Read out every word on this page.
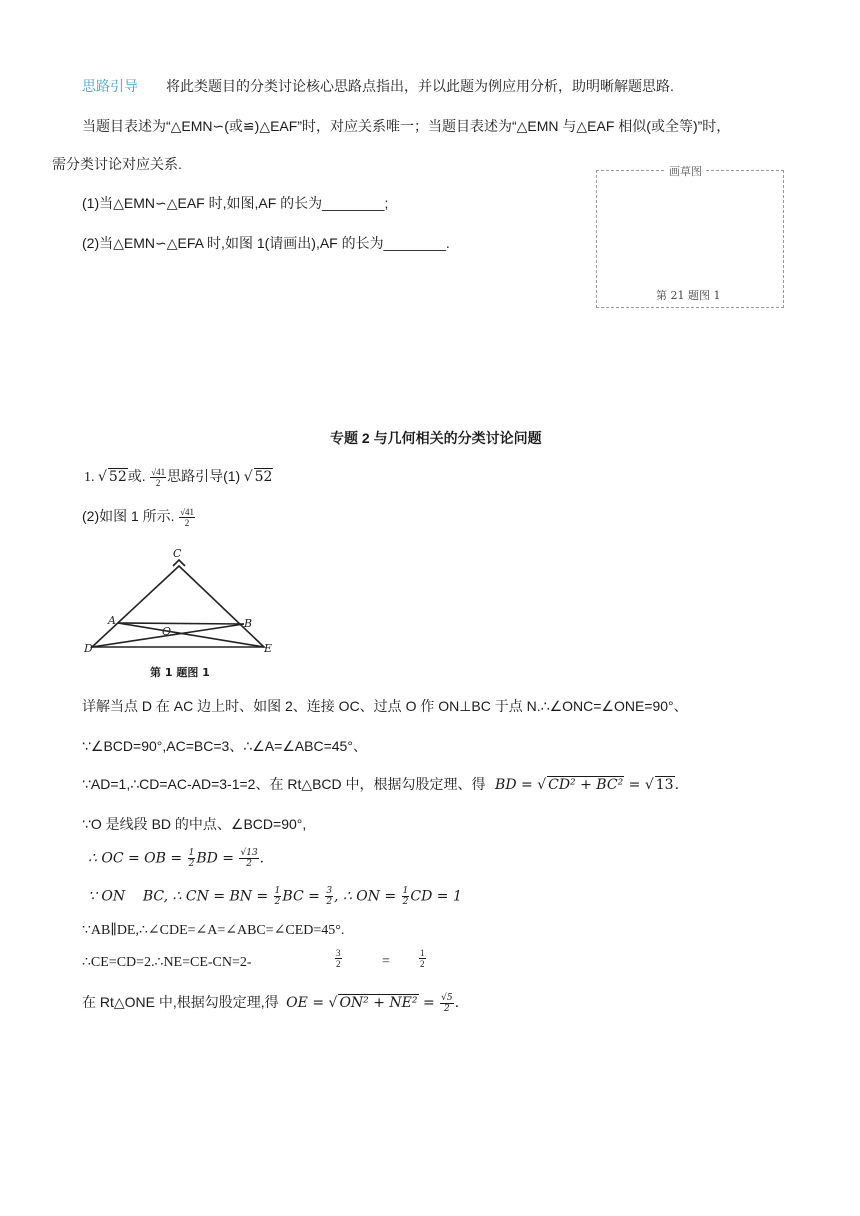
思路引导 将此类题目的分类讨论核心思路点指出，并以此题为例应用分析，助明晰解题思路.
当题目表述为“△EMN∽(或≌)△EAF”时，对应关系唯一；当题目表述为“△EMN 与△EAF 相似(或全等)”时，
需分类讨论对应关系.
(1)当△EMN∽△EAF 时,如图,AF 的长为________;
(2)当△EMN∽△EFA 时,如图 1(请画出),AF 的长为________.
画草图
第 21 题图 1
专题 2 与几何相关的分类讨论问题
1. √ 52或. $\frac{√41}{2}$ 思路引导(1) √ 52
(2)如图 1 所示. $\frac{√41}{2}$
C
A
O
B
D	E
第 1 题图 1
详解当点 D 在 AC 边上时、如图 2、连接 OC、过点 O 作 ON⊥BC 于点 N.∴∠ONC=∠ONE=90°、
∵∠BCD=90°,AC=BC=3、∴∠A=∠ABC=45°、
∵AD=1,∴CD=AC-AD=3-1=2、在 Rt△BCD 中，根据勾股定理、得 BD = √ CD² + BC² = √ 13.
∵O 是线段 BD 的中点、∠BCD=90°,
∴ OC = OB = $\frac{1}{2}$ BD = $\frac{√13}{2}$ .
∵ ON    BC, ∴ CN = BN = $\frac{1}{2}$ BC = $\frac{3}{2}$ , ∴ ON = $\frac{1}{2}$ CD = 1
∵AB∥DE,∴∠CDE=∠A=∠ABC=∠CED=45°.
∴CE=CD=2.∴NE=CE-CN=2-	$\frac{3}{2}$	=	$\frac{1}{2}$
在 Rt△ONE 中,根据勾股定理,得 OE = √ $ON^2 + NE^2 = \frac{√5}{2}$ .
